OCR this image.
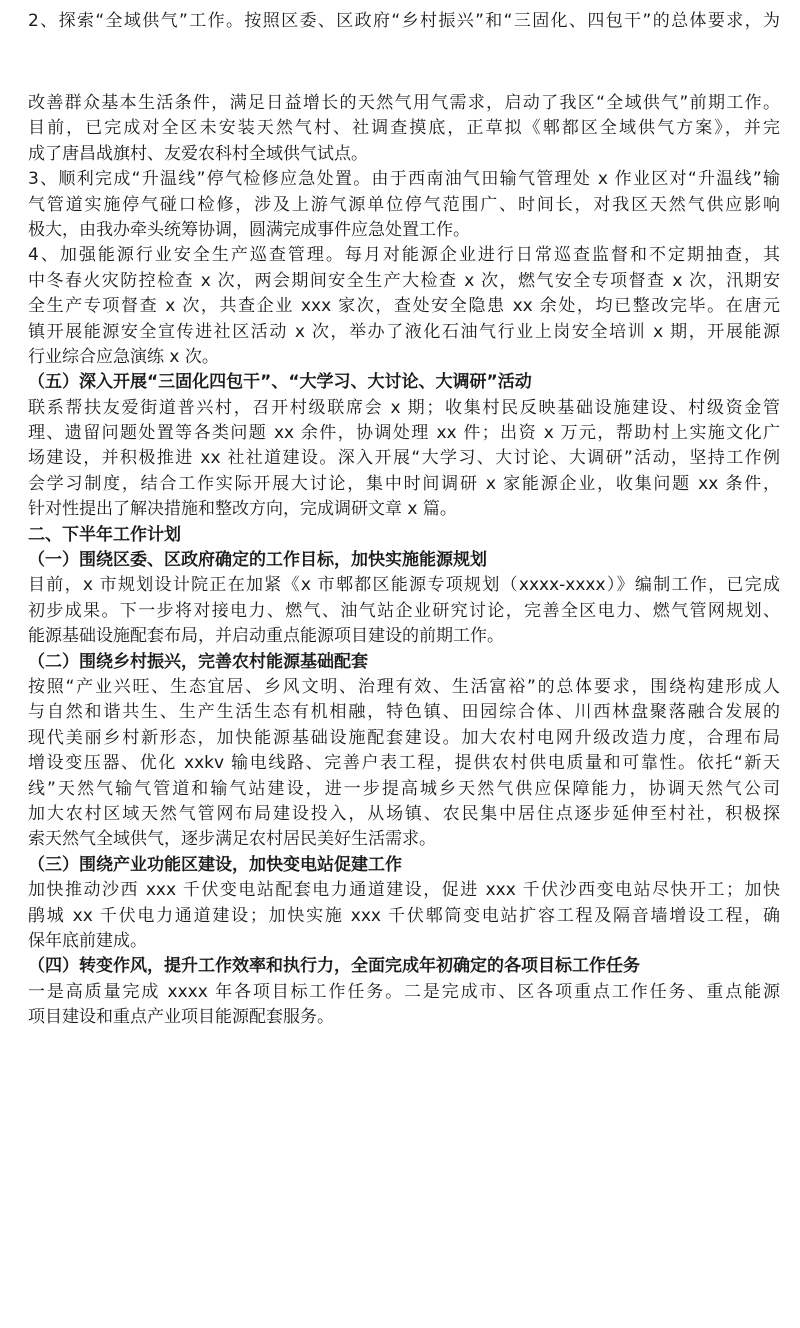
2、探索“全域供气”工作。按照区委、区政府“乡村振兴”和“三固化、四包干”的总体要求，为
改善群众基本生活条件，满足日益增长的天然气用气需求，启动了我区“全域供气”前期工作。
目前，已完成对全区未安装天然气村、社调查摸底，正草拟《郫都区全域供气方案》，并完
成了唐昌战旗村、友爱农科村全域供气试点。
3、顺利完成“升温线”停气检修应急处置。由于西南油气田输气管理处 x 作业区对“升温线”输
气管道实施停气碰口检修，涉及上游气源单位停气范围广、时间长，对我区天然气供应影响
极大，由我办牵头统筹协调，圆满完成事件应急处置工作。
4、加强能源行业安全生产巡查管理。每月对能源企业进行日常巡查监督和不定期抽查，其
中冬春火灾防控检查 x 次，两会期间安全生产大检查 x 次，燃气安全专项督查 x 次，汛期安
全生产专项督查 x 次，共查企业 xxx 家次，查处安全隐患 xx 余处，均已整改完毕。在唐元
镇开展能源安全宣传进社区活动 x 次，举办了液化石油气行业上岗安全培训 x 期，开展能源
行业综合应急演练 x 次。
（五）深入开展“三固化四包干”、“大学习、大讨论、大调研”活动
联系帮扶友爱街道普兴村，召开村级联席会 x 期；收集村民反映基础设施建设、村级资金管
理、遗留问题处置等各类问题 xx 余件，协调处理 xx 件；出资 x 万元，帮助村上实施文化广
场建设，并积极推进 xx 社社道建设。深入开展“大学习、大讨论、大调研”活动，坚持工作例
会学习制度，结合工作实际开展大讨论，集中时间调研 x 家能源企业，收集问题 xx 条件，
针对性提出了解决措施和整改方向，完成调研文章 x 篇。
二、下半年工作计划
（一）围绕区委、区政府确定的工作目标，加快实施能源规划
目前，x 市规划设计院正在加紧《x 市郫都区能源专项规划（xxxx-xxxx）》编制工作，已完成
初步成果。下一步将对接电力、燃气、油气站企业研究讨论，完善全区电力、燃气管网规划、
能源基础设施配套布局，并启动重点能源项目建设的前期工作。
（二）围绕乡村振兴，完善农村能源基础配套
按照“产业兴旺、生态宜居、乡风文明、治理有效、生活富裕”的总体要求，围绕构建形成人
与自然和谐共生、生产生活生态有机相融，特色镇、田园综合体、川西林盘聚落融合发展的
现代美丽乡村新形态，加快能源基础设施配套建设。加大农村电网升级改造力度，合理布局
增设变压器、优化 xxkv 输电线路、完善户表工程，提供农村供电质量和可靠性。依托“新天
线”天然气输气管道和输气站建设，进一步提高城乡天然气供应保障能力，协调天然气公司
加大农村区域天然气管网布局建设投入，从场镇、农民集中居住点逐步延伸至村社，积极探
索天然气全域供气，逐步满足农村居民美好生活需求。
（三）围绕产业功能区建设，加快变电站促建工作
加快推动沙西 xxx 千伏变电站配套电力通道建设，促进 xxx 千伏沙西变电站尽快开工；加快
鹃城 xx 千伏电力通道建设；加快实施 xxx 千伏郫筒变电站扩容工程及隔音墙增设工程，确
保年底前建成。
（四）转变作风，提升工作效率和执行力，全面完成年初确定的各项目标工作任务
一是高质量完成 xxxx 年各项目标工作任务。二是完成市、区各项重点工作任务、重点能源
项目建设和重点产业项目能源配套服务。
